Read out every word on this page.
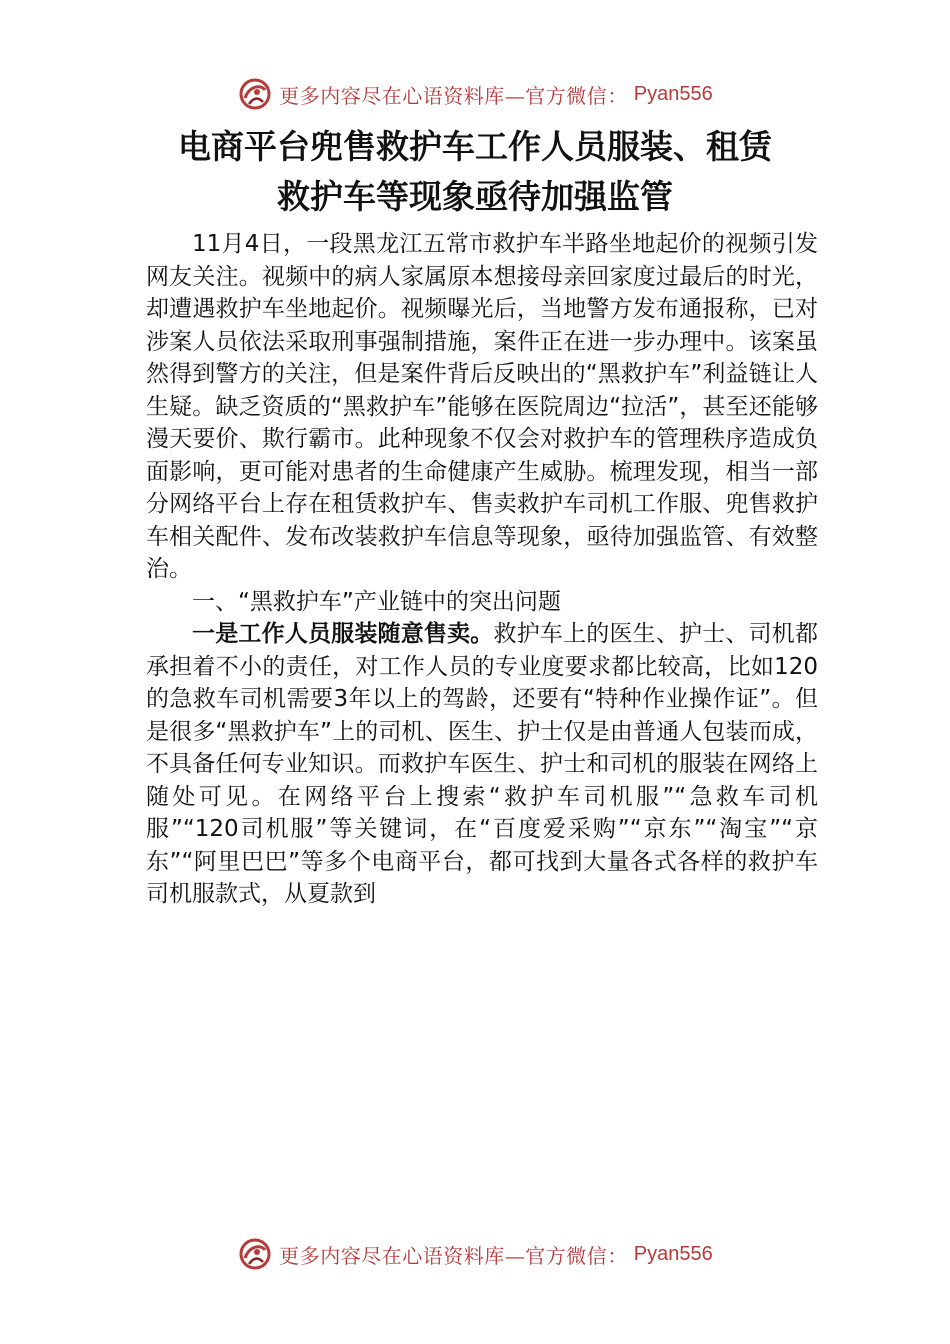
更多内容尽在心语资料库—官方微信： Pyan556
电商平台兜售救护车工作人员服装、租赁
救护车等现象亟待加强监管

11月4日，一段黑龙江五常市救护车半路坐地起价的视频引发网友关注。视频中的病人家属原本想接母亲回家度过最后的时光，却遭遇救护车坐地起价。视频曝光后，当地警方发布通报称，已对涉案人员依法采取刑事强制措施，案件正在进一步办理中。该案虽然得到警方的关注，但是案件背后反映出的“黑救护车”利益链让人生疑。缺乏资质的“黑救护车”能够在医院周边“拉活”，甚至还能够漫天要价、欺行霸市。此种现象不仅会对救护车的管理秩序造成负面影响，更可能对患者的生命健康产生威胁。梳理发现，相当一部分网络平台上存在租赁救护车、售卖救护车司机工作服、兜售救护车相关配件、发布改装救护车信息等现象，亟待加强监管、有效整治。

一、“黑救护车”产业链中的突出问题

一是工作人员服装随意售卖。救护车上的医生、护士、司机都承担着不小的责任，对工作人员的专业度要求都比较高，比如120的急救车司机需要3年以上的驾龄，还要有“特种作业操作证”。但是很多“黑救护车”上的司机、医生、护士仅是由普通人包装而成，不具备任何专业知识。而救护车医生、护士和司机的服装在网络上随处可见。在网络平台上搜索“救护车司机服”“急救车司机服”“120司机服”等关键词，在“百度爱采购”“京东”“淘宝”“京东”“阿里巴巴”等多个电商平台，都可找到大量各式各样的救护车司机服款式，从夏款到

更多内容尽在心语资料库—官方微信： Pyan556
